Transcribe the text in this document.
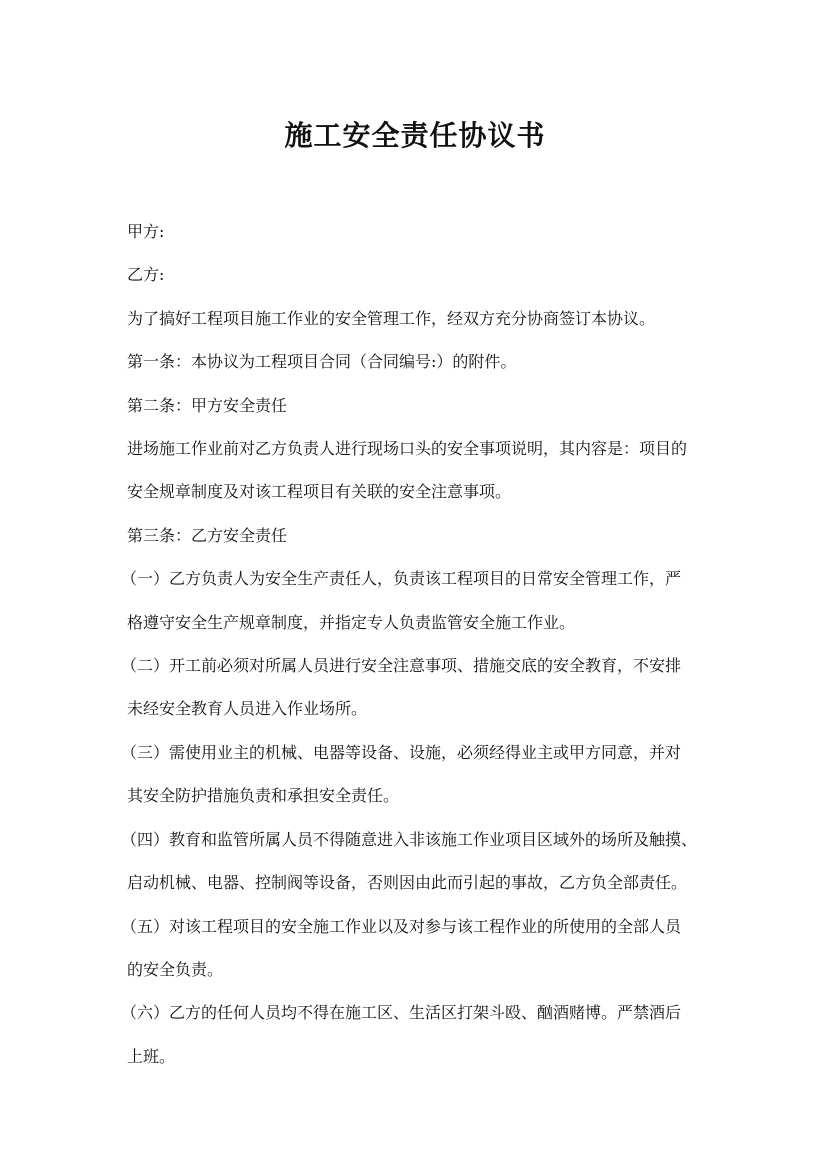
施工安全责任协议书
甲方:
乙方:
为了搞好工程项目施工作业的安全管理工作，经双方充分协商签订本协议。
第一条：本协议为工程项目合同（合同编号:）的附件。
第二条：甲方安全责任
进场施工作业前对乙方负责人进行现场口头的安全事项说明，其内容是：项目的
安全规章制度及对该工程项目有关联的安全注意事项。
第三条：乙方安全责任
（一）乙方负责人为安全生产责任人，负责该工程项目的日常安全管理工作，严
格遵守安全生产规章制度，并指定专人负责监管安全施工作业。
（二）开工前必须对所属人员进行安全注意事项、措施交底的安全教育，不安排
未经安全教育人员进入作业场所。
（三）需使用业主的机械、电器等设备、设施，必须经得业主或甲方同意，并对
其安全防护措施负责和承担安全责任。
（四）教育和监管所属人员不得随意进入非该施工作业项目区域外的场所及触摸、
启动机械、电器、控制阀等设备，否则因由此而引起的事故，乙方负全部责任。
（五）对该工程项目的安全施工作业以及对参与该工程作业的所使用的全部人员
的安全负责。
（六）乙方的任何人员均不得在施工区、生活区打架斗殴、酗酒赌博。严禁酒后
上班。
